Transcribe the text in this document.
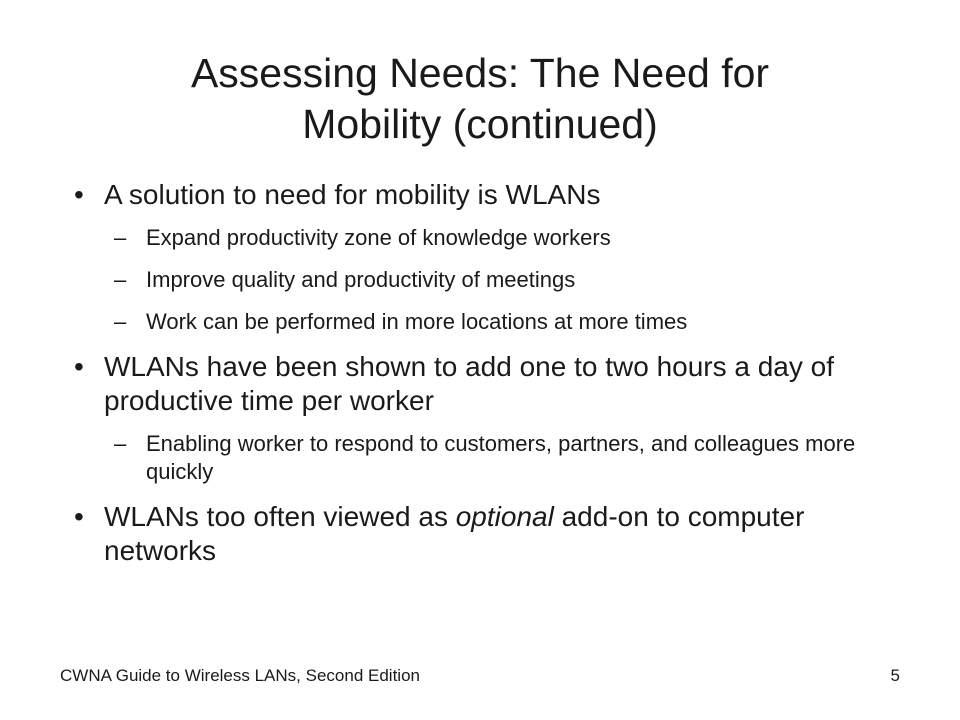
Assessing Needs: The Need for
Mobility (continued)
• A solution to need for mobility is WLANs
– Expand productivity zone of knowledge workers
– Improve quality and productivity of meetings
– Work can be performed in more locations at more times
• WLANs have been shown to add one to two hours a day of productive time per worker
– Enabling worker to respond to customers, partners, and colleagues more quickly
• WLANs too often viewed as optional add-on to computer networks
CWNA Guide to Wireless LANs, Second Edition	5
